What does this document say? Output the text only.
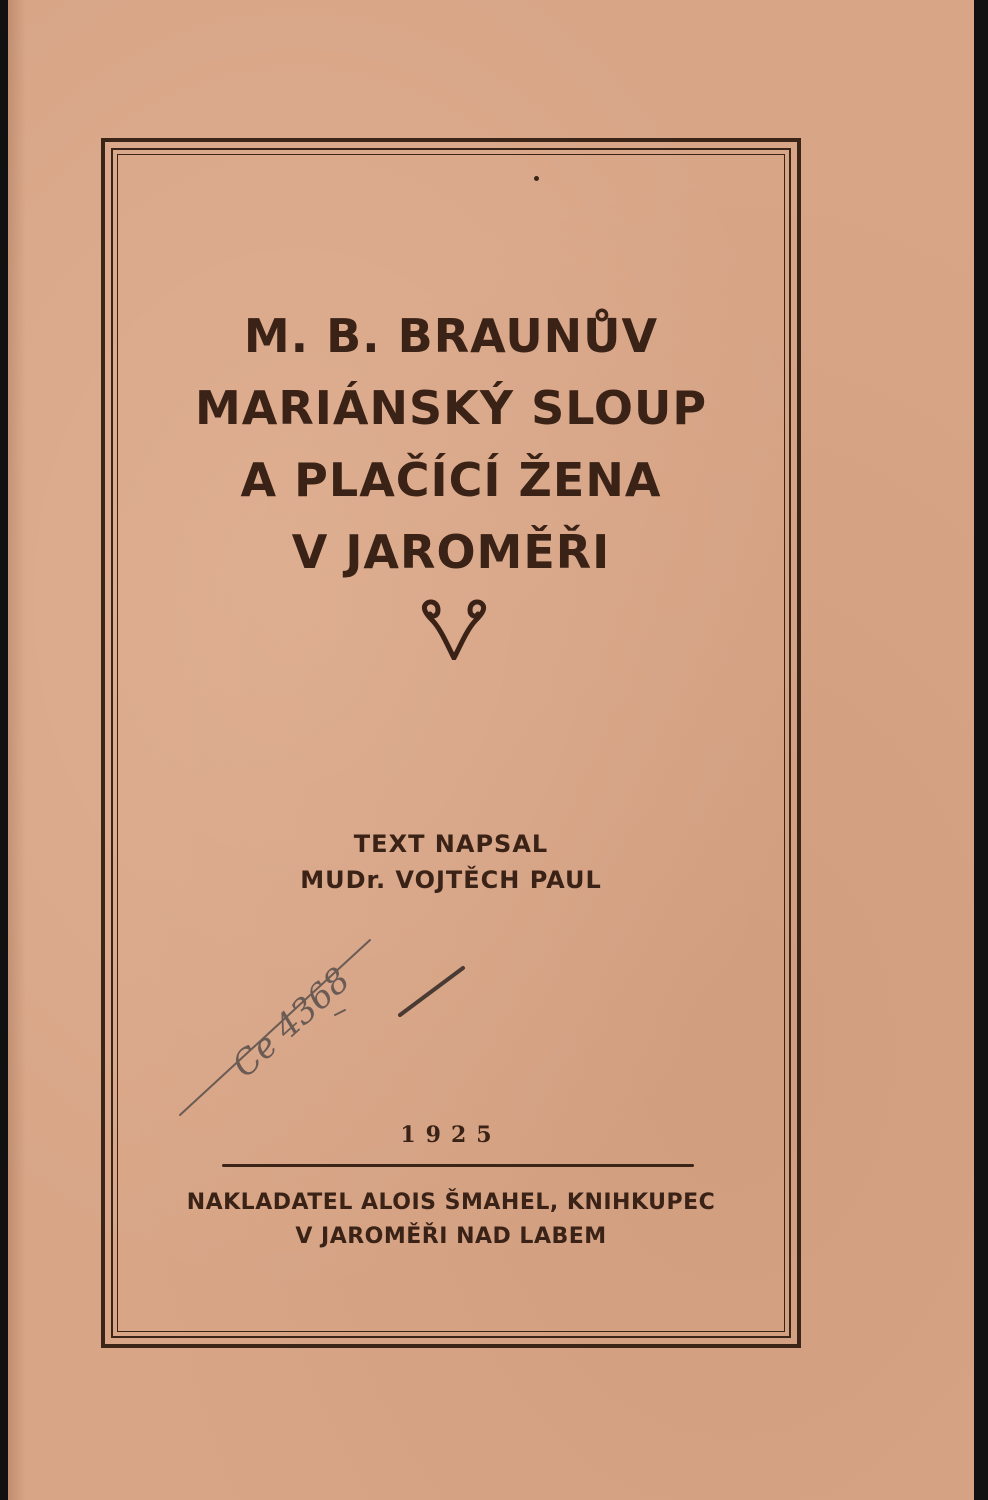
M. B. BRAUNŮV
MARIÁNSKÝ SLOUP
A PLAČÍCÍ ŽENA
V JAROMĚŘI
TEXT NAPSAL
MUDr. VOJTĚCH PAUL
Ce 4368
1925
NAKLADATEL ALOIS ŠMAHEL, KNIHKUPEC
V JAROMĚŘI NAD LABEM
